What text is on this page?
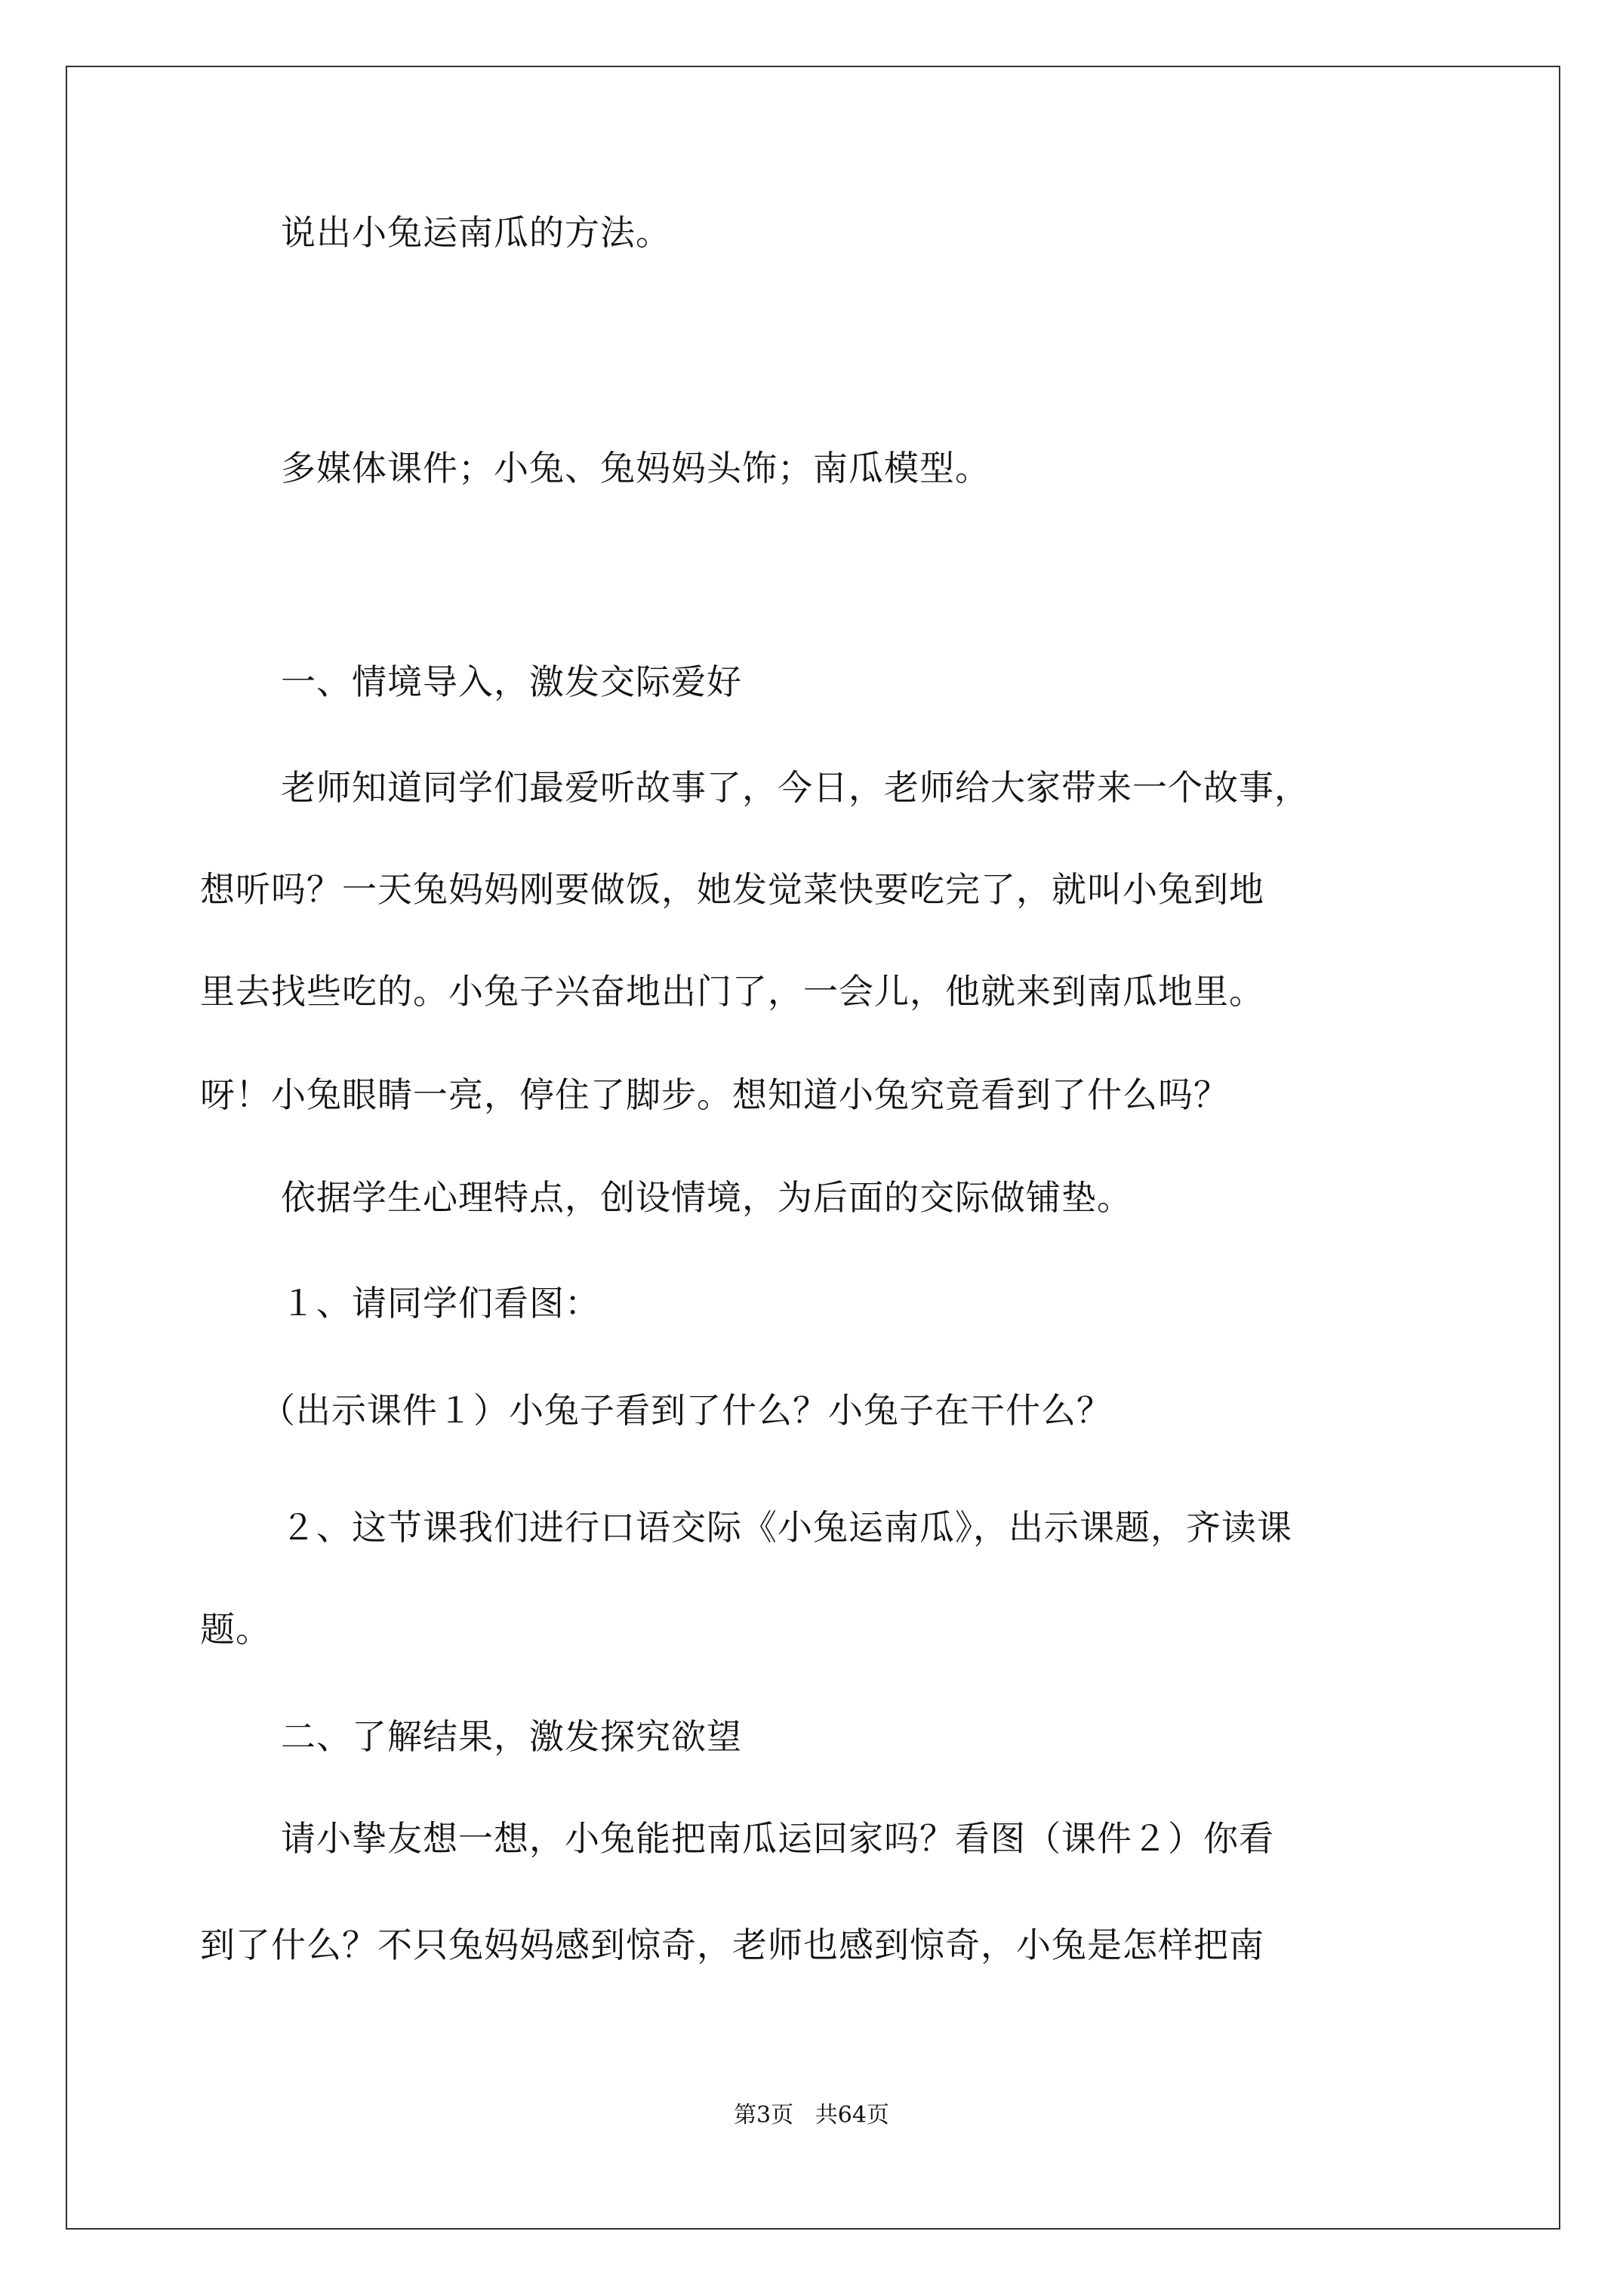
说出小兔运南瓜的方法。

多媒体课件；小兔、兔妈妈头饰；南瓜模型。

一、情境导入，激发交际爱好

老师知道同学们最爱听故事了，今日，老师给大家带来一个故事，

想听吗？一天兔妈妈刚要做饭，她发觉菜快要吃完了，就叫小兔到地

里去找些吃的。小兔子兴奋地出门了，一会儿，他就来到南瓜地里。

呀！小兔眼睛一亮，停住了脚步。想知道小兔究竟看到了什么吗？

依据学生心理特点，创设情境，为后面的交际做铺垫。

１、请同学们看图：

（出示课件１）小兔子看到了什么？小兔子在干什么？

２、这节课我们进行口语交际《小兔运南瓜》，出示课题，齐读课

题。

二、了解结果，激发探究欲望

请小挚友想一想，小兔能把南瓜运回家吗？看图（课件２）你看

到了什么？不只兔妈妈感到惊奇，老师也感到惊奇，小兔是怎样把南

第3页   共64页
